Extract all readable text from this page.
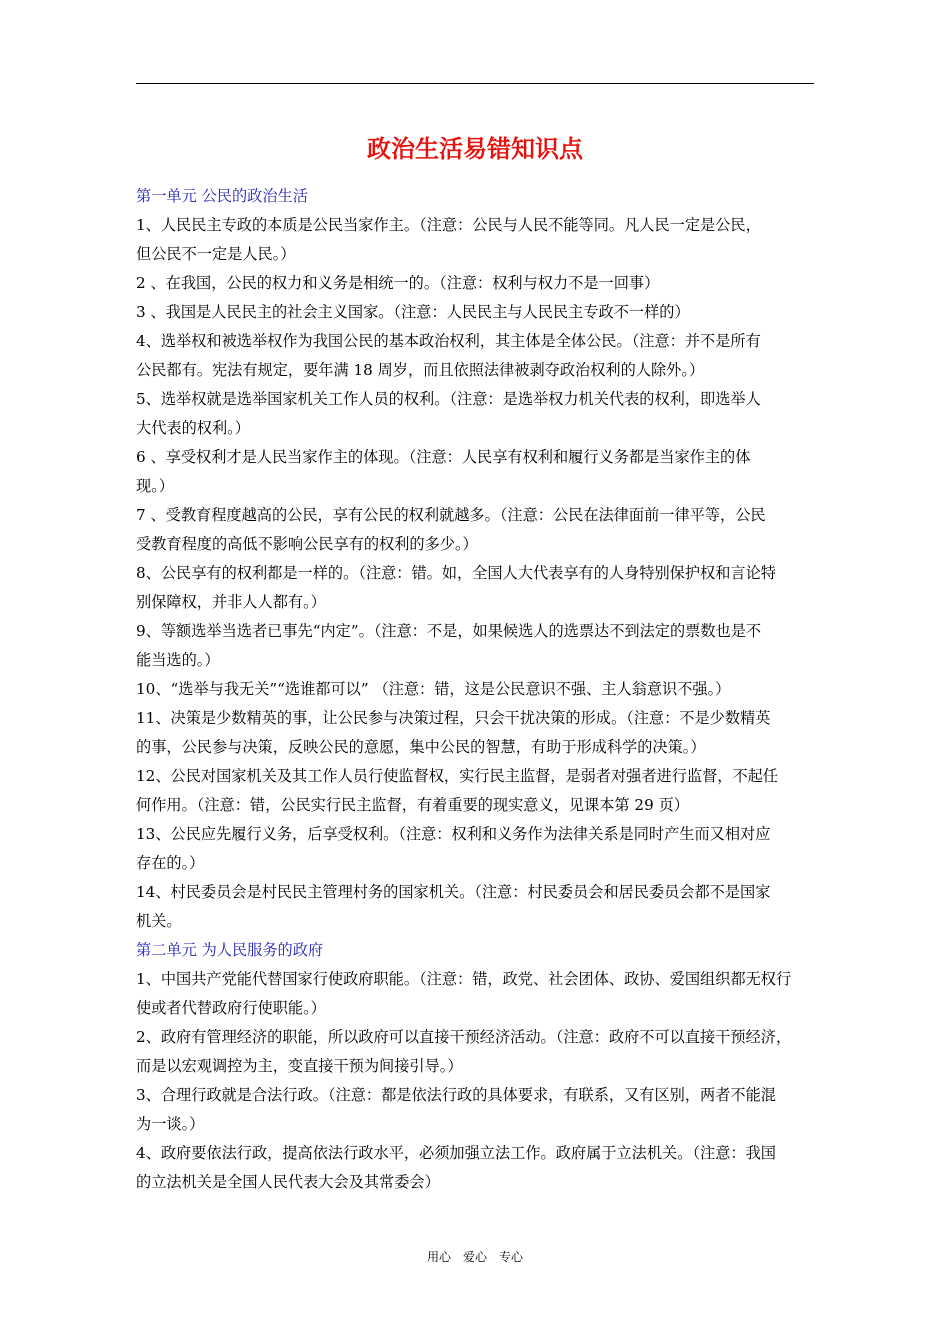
政治生活易错知识点
第一单元 公民的政治生活
1、人民民主专政的本质是公民当家作主。（注意：公民与人民不能等同。凡人民一定是公民，
但公民不一定是人民。）
2 、在我国，公民的权力和义务是相统一的。（注意：权利与权力不是一回事）
3 、我国是人民民主的社会主义国家。（注意：人民民主与人民民主专政不一样的）
4、选举权和被选举权作为我国公民的基本政治权利，其主体是全体公民。（注意：并不是所有
公民都有。宪法有规定，要年满 18 周岁，而且依照法律被剥夺政治权利的人除外。）
5、选举权就是选举国家机关工作人员的权利。（注意：是选举权力机关代表的权利，即选举人
大代表的权利。）
6 、享受权利才是人民当家作主的体现。（注意：人民享有权利和履行义务都是当家作主的体
现。）
7 、受教育程度越高的公民，享有公民的权利就越多。（注意：公民在法律面前一律平等，公民
受教育程度的高低不影响公民享有的权利的多少。）
8、公民享有的权利都是一样的。（注意：错。如，全国人大代表享有的人身特别保护权和言论特
别保障权，并非人人都有。）
9、等额选举当选者已事先“内定”。（注意：不是，如果候选人的选票达不到法定的票数也是不
能当选的。）
10、“选举与我无关”“选谁都可以” （注意：错，这是公民意识不强、主人翁意识不强。）
11、决策是少数精英的事，让公民参与决策过程，只会干扰决策的形成。（注意：不是少数精英
的事，公民参与决策，反映公民的意愿，集中公民的智慧，有助于形成科学的决策。）
12、公民对国家机关及其工作人员行使监督权，实行民主监督，是弱者对强者进行监督，不起任
何作用。（注意：错，公民实行民主监督，有着重要的现实意义，见课本第 29 页）
13、公民应先履行义务，后享受权利。（注意：权利和义务作为法律关系是同时产生而又相对应
存在的。）
14、村民委员会是村民民主管理村务的国家机关。（注意：村民委员会和居民委员会都不是国家
机关。
第二单元 为人民服务的政府
1、中国共产党能代替国家行使政府职能。（注意：错，政党、社会团体、政协、爱国组织都无权行
使或者代替政府行使职能。）
2、政府有管理经济的职能，所以政府可以直接干预经济活动。（注意：政府不可以直接干预经济，
而是以宏观调控为主，变直接干预为间接引导。）
3、合理行政就是合法行政。（注意：都是依法行政的具体要求，有联系，又有区别，两者不能混
为一谈。）
4、政府要依法行政，提高依法行政水平，必须加强立法工作。政府属于立法机关。（注意：我国
的立法机关是全国人民代表大会及其常委会）
用心　爱心　专心
